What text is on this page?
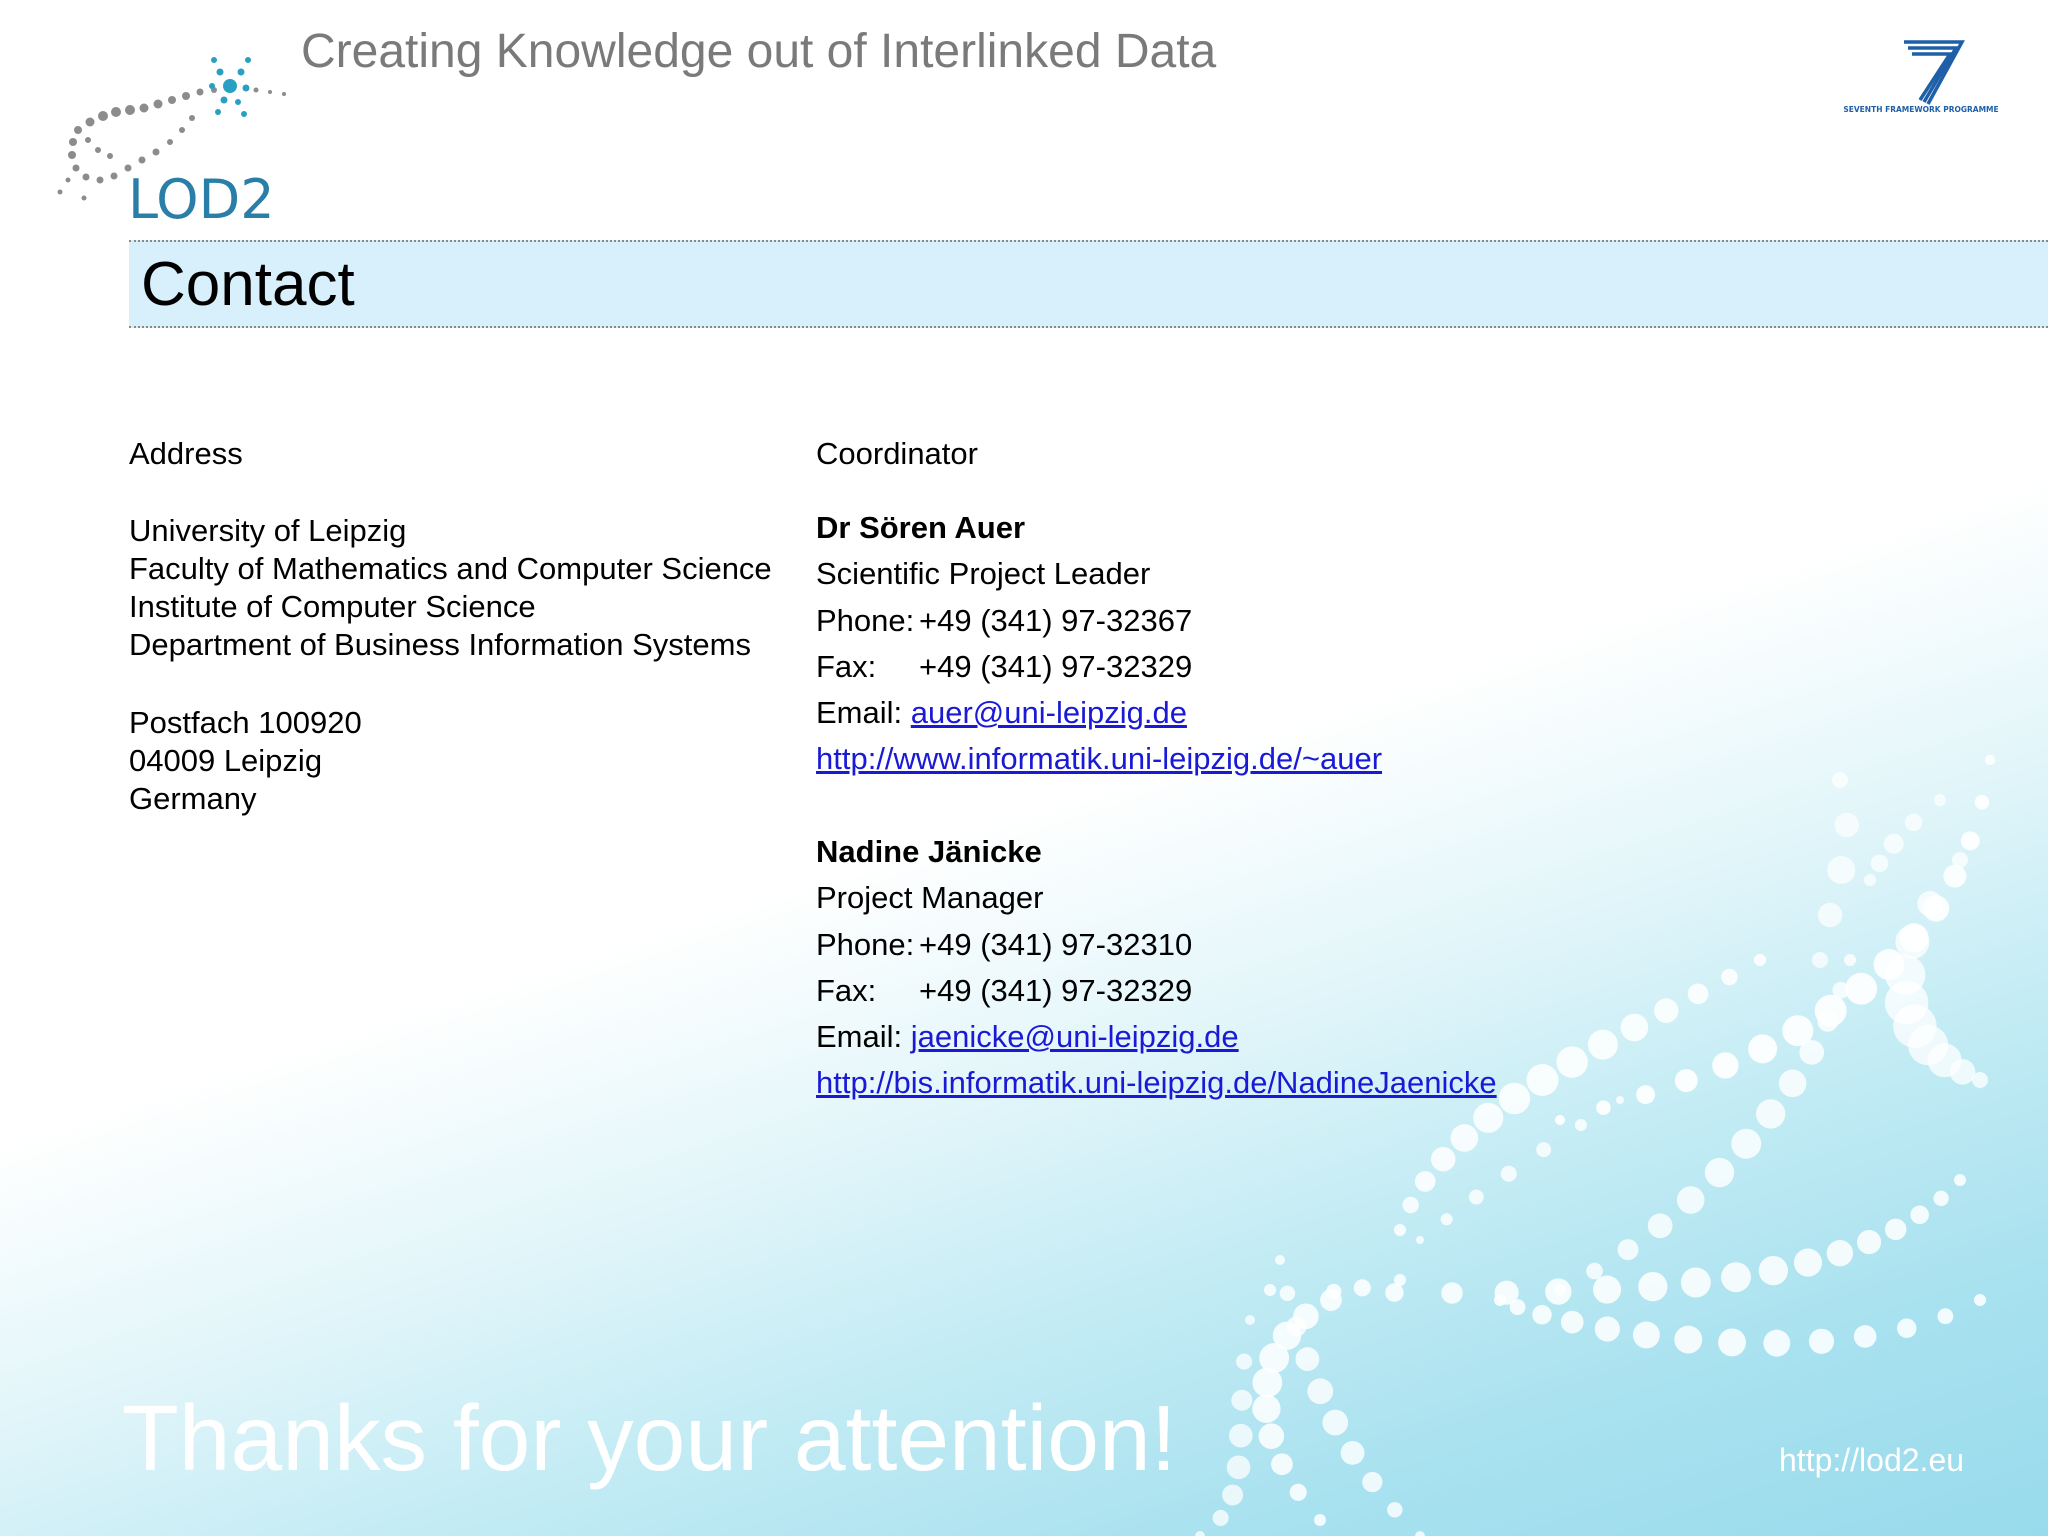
LOD2
Creating Knowledge out of Interlinked Data
SEVENTH FRAMEWORK PROGRAMME
Contact
Address
University of Leipzig
Faculty of Mathematics and Computer Science
Institute of Computer Science
Department of Business Information Systems
Postfach 100920
04009 Leipzig
Germany
Coordinator
Dr Sören Auer
Scientific Project Leader
Phone: +49 (341) 97-32367
Fax: +49 (341) 97-32329
Email: auer@uni-leipzig.de
http://www.informatik.uni-leipzig.de/~auer
Nadine Jänicke
Project Manager
Phone: +49 (341) 97-32310
Fax: +49 (341) 97-32329
Email: jaenicke@uni-leipzig.de
http://bis.informatik.uni-leipzig.de/NadineJaenicke
Thanks for your attention!	http://lod2.eu
